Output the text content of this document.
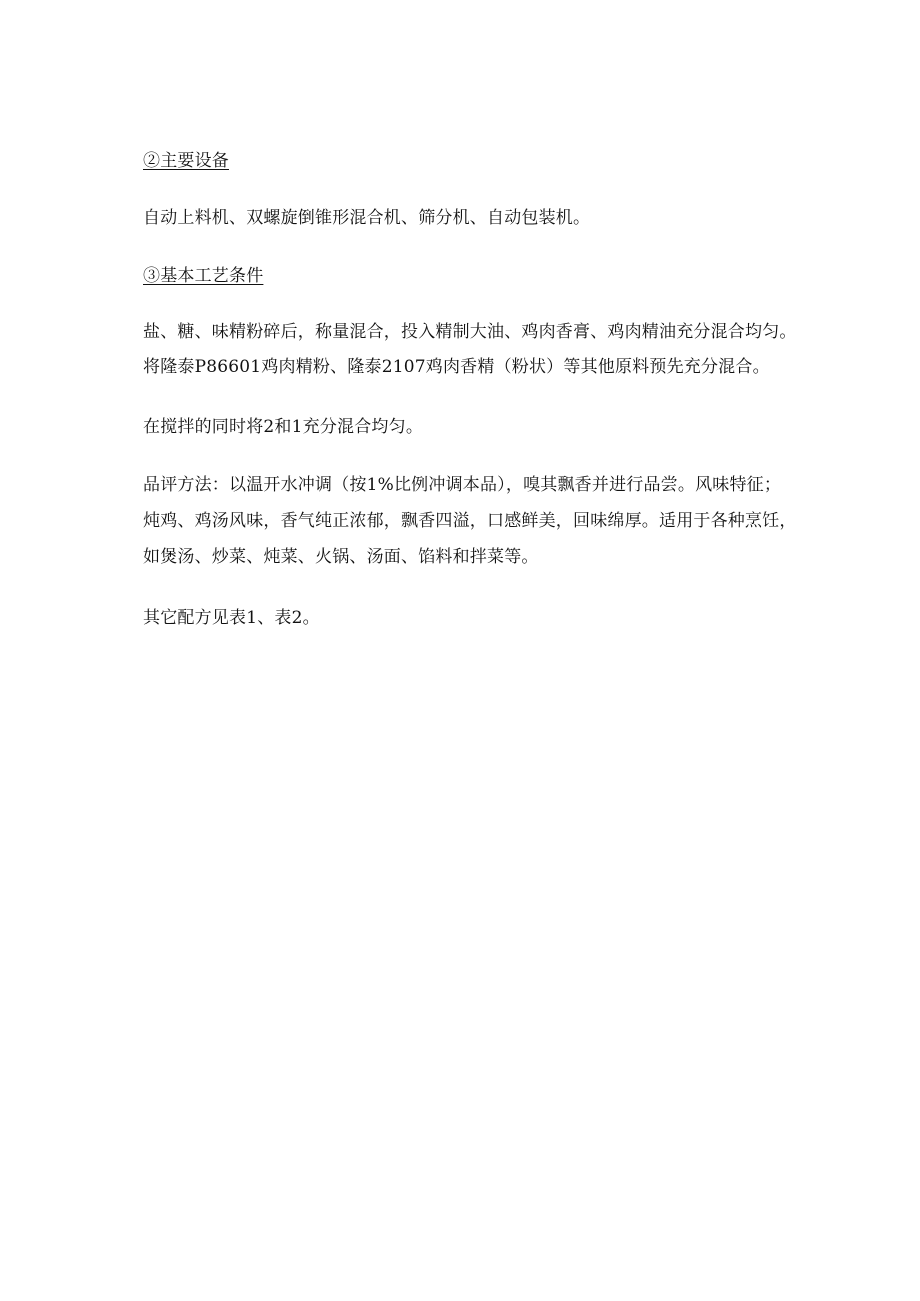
②主要设备
自动上料机、双螺旋倒锥形混合机、筛分机、自动包装机。
③基本工艺条件
盐、糖、味精粉碎后，称量混合，投入精制大油、鸡肉香膏、鸡肉精油充分混合均匀。
将隆泰P86601鸡肉精粉、隆泰2107鸡肉香精（粉状）等其他原料预先充分混合。
在搅拌的同时将2和1充分混合均匀。
品评方法：以温开水冲调（按1%比例冲调本品），嗅其飘香并进行品尝。风味特征；
炖鸡、鸡汤风味，香气纯正浓郁，飘香四溢，口感鲜美，回味绵厚。适用于各种烹饪，
如煲汤、炒菜、炖菜、火锅、汤面、馅料和拌菜等。
其它配方见表1、表2。
